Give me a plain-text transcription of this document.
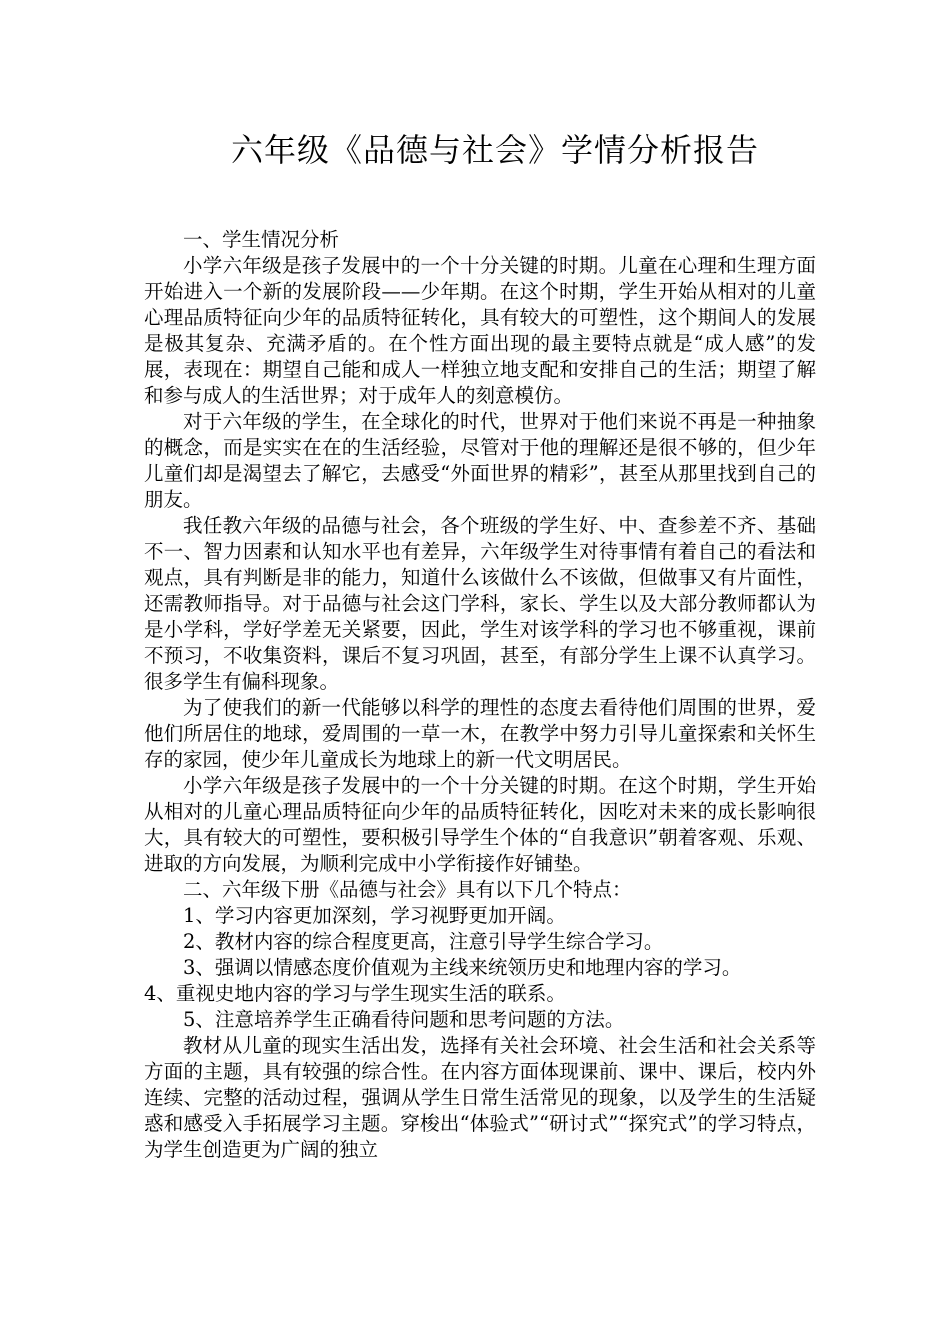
六年级《品德与社会》学情分析报告

一、学生情况分析

小学六年级是孩子发展中的一个十分关键的时期。儿童在心理和生理方面开始进入一个新的发展阶段——少年期。在这个时期，学生开始从相对的儿童心理品质特征向少年的品质特征转化，具有较大的可塑性，这个期间人的发展是极其复杂、充满矛盾的。在个性方面出现的最主要特点就是“成人感”的发展，表现在：期望自己能和成人一样独立地支配和安排自己的生活；期望了解和参与成人的生活世界；对于成年人的刻意模仿。

对于六年级的学生，在全球化的时代，世界对于他们来说不再是一种抽象的概念，而是实实在在的生活经验，尽管对于他的理解还是很不够的，但少年儿童们却是渴望去了解它，去感受“外面世界的精彩”，甚至从那里找到自己的朋友。

我任教六年级的品德与社会，各个班级的学生好、中、查参差不齐、基础不一、智力因素和认知水平也有差异，六年级学生对待事情有着自己的看法和观点，具有判断是非的能力，知道什么该做什么不该做，但做事又有片面性，还需教师指导。对于品德与社会这门学科，家长、学生以及大部分教师都认为是小学科，学好学差无关紧要，因此，学生对该学科的学习也不够重视，课前不预习，不收集资料，课后不复习巩固，甚至，有部分学生上课不认真学习。很多学生有偏科现象。

为了使我们的新一代能够以科学的理性的态度去看待他们周围的世界，爱他们所居住的地球，爱周围的一草一木，在教学中努力引导儿童探索和关怀生存的家园，使少年儿童成长为地球上的新一代文明居民。

小学六年级是孩子发展中的一个十分关键的时期。在这个时期，学生开始从相对的儿童心理品质特征向少年的品质特征转化，因吃对未来的成长影响很大，具有较大的可塑性，要积极引导学生个体的“自我意识”朝着客观、乐观、进取的方向发展，为顺利完成中小学衔接作好铺垫。

二、六年级下册《品德与社会》具有以下几个特点：

1、学习内容更加深刻，学习视野更加开阔。

2、教材内容的综合程度更高，注意引导学生综合学习。

3、强调以情感态度价值观为主线来统领历史和地理内容的学习。

4、重视史地内容的学习与学生现实生活的联系。

5、注意培养学生正确看待问题和思考问题的方法。

教材从儿童的现实生活出发，选择有关社会环境、社会生活和社会关系等方面的主题，具有较强的综合性。在内容方面体现课前、课中、课后，校内外连续、完整的活动过程，强调从学生日常生活常见的现象，以及学生的生活疑惑和感受入手拓展学习主题。穿梭出“体验式”“研讨式”“探究式”的学习特点，为学生创造更为广阔的独立
